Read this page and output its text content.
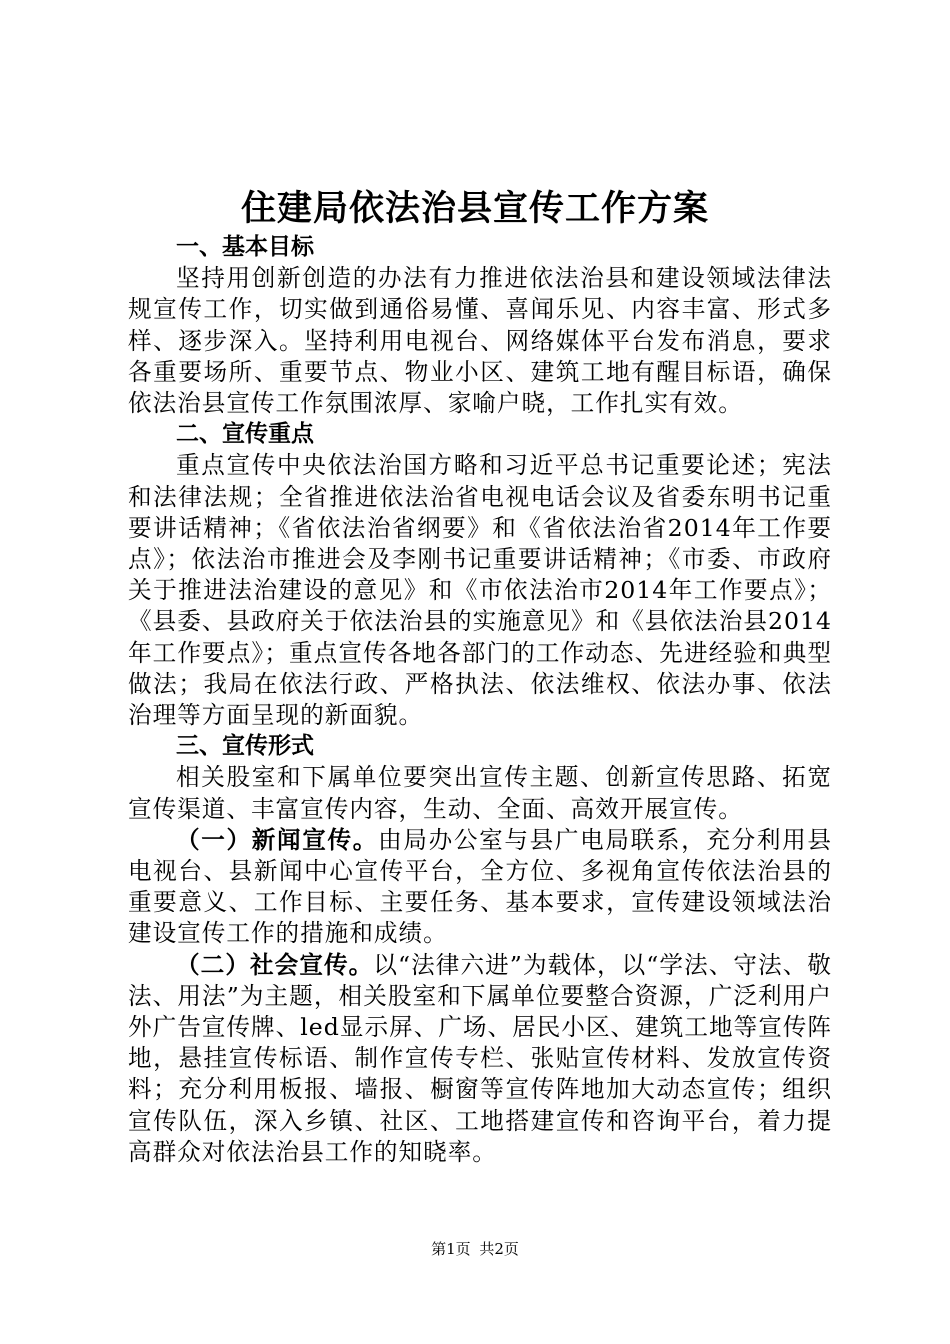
住建局依法治县宣传工作方案

一、基本目标

坚持用创新创造的办法有力推进依法治县和建设领域法律法规宣传工作，切实做到通俗易懂、喜闻乐见、内容丰富、形式多样、逐步深入。坚持利用电视台、网络媒体平台发布消息，要求各重要场所、重要节点、物业小区、建筑工地有醒目标语，确保依法治县宣传工作氛围浓厚、家喻户晓，工作扎实有效。

二、宣传重点

重点宣传中央依法治国方略和习近平总书记重要论述；宪法和法律法规；全省推进依法治省电视电话会议及省委东明书记重要讲话精神；《省依法治省纲要》和《省依法治省2014年工作要点》；依法治市推进会及李刚书记重要讲话精神；《市委、市政府关于推进法治建设的意见》和《市依法治市2014年工作要点》；《县委、县政府关于依法治县的实施意见》和《县依法治县2014年工作要点》；重点宣传各地各部门的工作动态、先进经验和典型做法；我局在依法行政、严格执法、依法维权、依法办事、依法治理等方面呈现的新面貌。

三、宣传形式

相关股室和下属单位要突出宣传主题、创新宣传思路、拓宽宣传渠道、丰富宣传内容，生动、全面、高效开展宣传。

（一）新闻宣传。由局办公室与县广电局联系，充分利用县电视台、县新闻中心宣传平台，全方位、多视角宣传依法治县的重要意义、工作目标、主要任务、基本要求，宣传建设领域法治建设宣传工作的措施和成绩。

（二）社会宣传。以“法律六进”为载体，以“学法、守法、敬法、用法”为主题，相关股室和下属单位要整合资源，广泛利用户外广告宣传牌、led显示屏、广场、居民小区、建筑工地等宣传阵地，悬挂宣传标语、制作宣传专栏、张贴宣传材料、发放宣传资料；充分利用板报、墙报、橱窗等宣传阵地加大动态宣传；组织宣传队伍，深入乡镇、社区、工地搭建宣传和咨询平台，着力提高群众对依法治县工作的知晓率。

第1页 共2页
